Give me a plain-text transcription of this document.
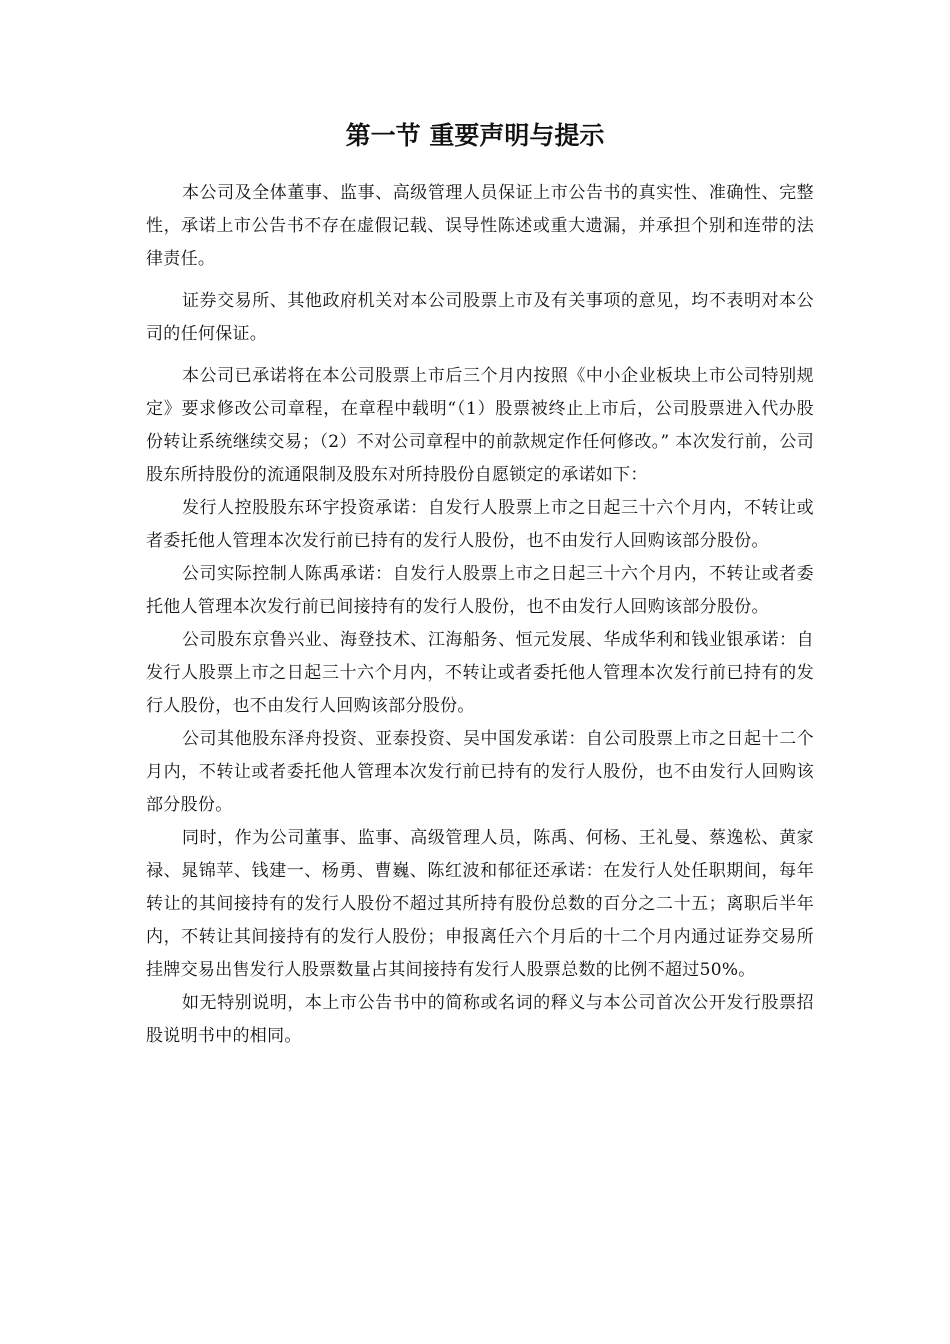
第一节 重要声明与提示

本公司及全体董事、监事、高级管理人员保证上市公告书的真实性、准确性、完整性，承诺上市公告书不存在虚假记载、误导性陈述或重大遗漏，并承担个别和连带的法律责任。

证券交易所、其他政府机关对本公司股票上市及有关事项的意见，均不表明对本公司的任何保证。

本公司已承诺将在本公司股票上市后三个月内按照《中小企业板块上市公司特别规定》要求修改公司章程，在章程中载明“（1）股票被终止上市后，公司股票进入代办股份转让系统继续交易；（2）不对公司章程中的前款规定作任何修改。” 本次发行前，公司股东所持股份的流通限制及股东对所持股份自愿锁定的承诺如下：

发行人控股股东环宇投资承诺：自发行人股票上市之日起三十六个月内，不转让或者委托他人管理本次发行前已持有的发行人股份，也不由发行人回购该部分股份。

公司实际控制人陈禹承诺：自发行人股票上市之日起三十六个月内，不转让或者委托他人管理本次发行前已间接持有的发行人股份，也不由发行人回购该部分股份。

公司股东京鲁兴业、海登技术、江海船务、恒元发展、华成华利和钱业银承诺：自发行人股票上市之日起三十六个月内，不转让或者委托他人管理本次发行前已持有的发行人股份，也不由发行人回购该部分股份。

公司其他股东泽舟投资、亚泰投资、吴中国发承诺：自公司股票上市之日起十二个月内，不转让或者委托他人管理本次发行前已持有的发行人股份，也不由发行人回购该部分股份。

同时，作为公司董事、监事、高级管理人员，陈禹、何杨、王礼曼、蔡逸松、黄家禄、晁锦苹、钱建一、杨勇、曹巍、陈红波和郁征还承诺：在发行人处任职期间，每年转让的其间接持有的发行人股份不超过其所持有股份总数的百分之二十五；离职后半年内，不转让其间接持有的发行人股份；申报离任六个月后的十二个月内通过证券交易所挂牌交易出售发行人股票数量占其间接持有发行人股票总数的比例不超过50%。

如无特别说明，本上市公告书中的简称或名词的释义与本公司首次公开发行股票招股说明书中的相同。
